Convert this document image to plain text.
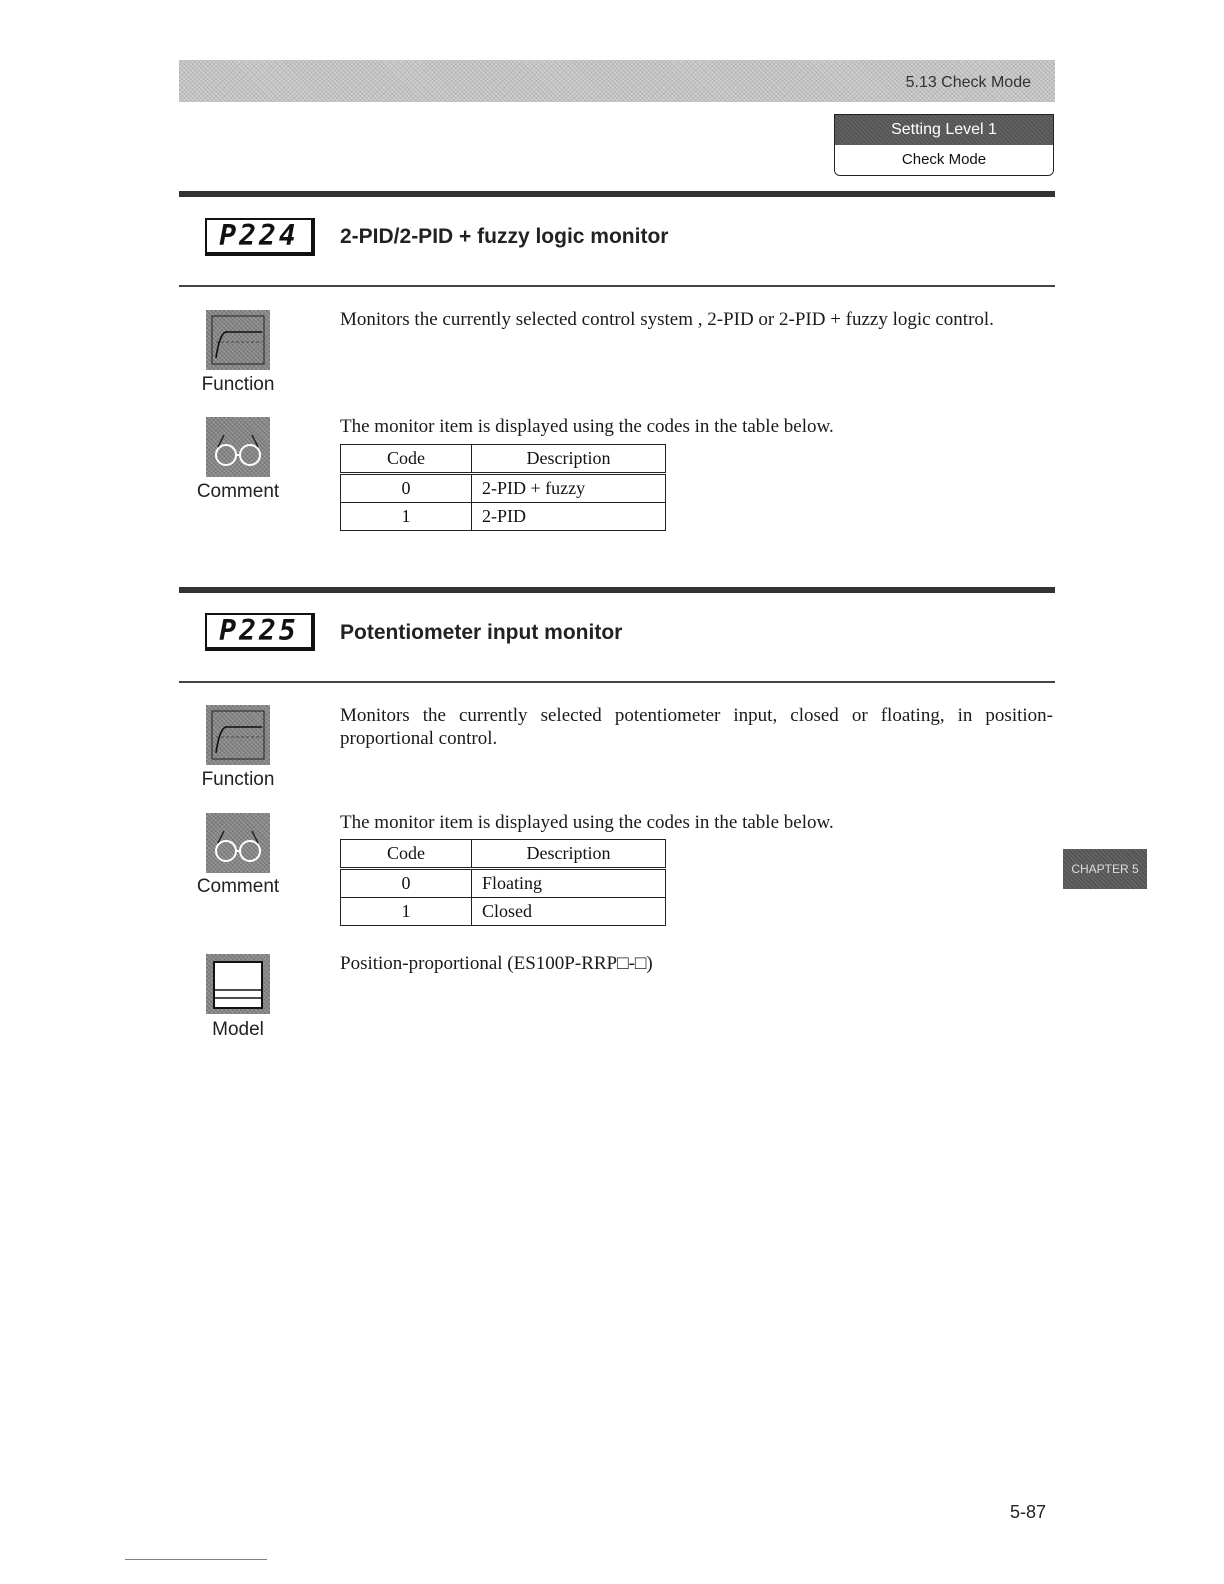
5.13 Check Mode
Setting Level 1
Check Mode
P224	2-PID/2-PID + fuzzy logic monitor
Function
Monitors the currently selected control system , 2-PID or 2-PID + fuzzy logic control.
Comment
The monitor item is displayed using the codes in the table below.
Code	Description
0	2-PID + fuzzy
1	2-PID
P225	Potentiometer input monitor
Function
Monitors the currently selected potentiometer input, closed or floating, in position-proportional control.
Comment
The monitor item is displayed using the codes in the table below.
Code	Description
0	Floating
1	Closed
Model
Position-proportional (ES100P-RRP□-□)
CHAPTER 5
5-87
